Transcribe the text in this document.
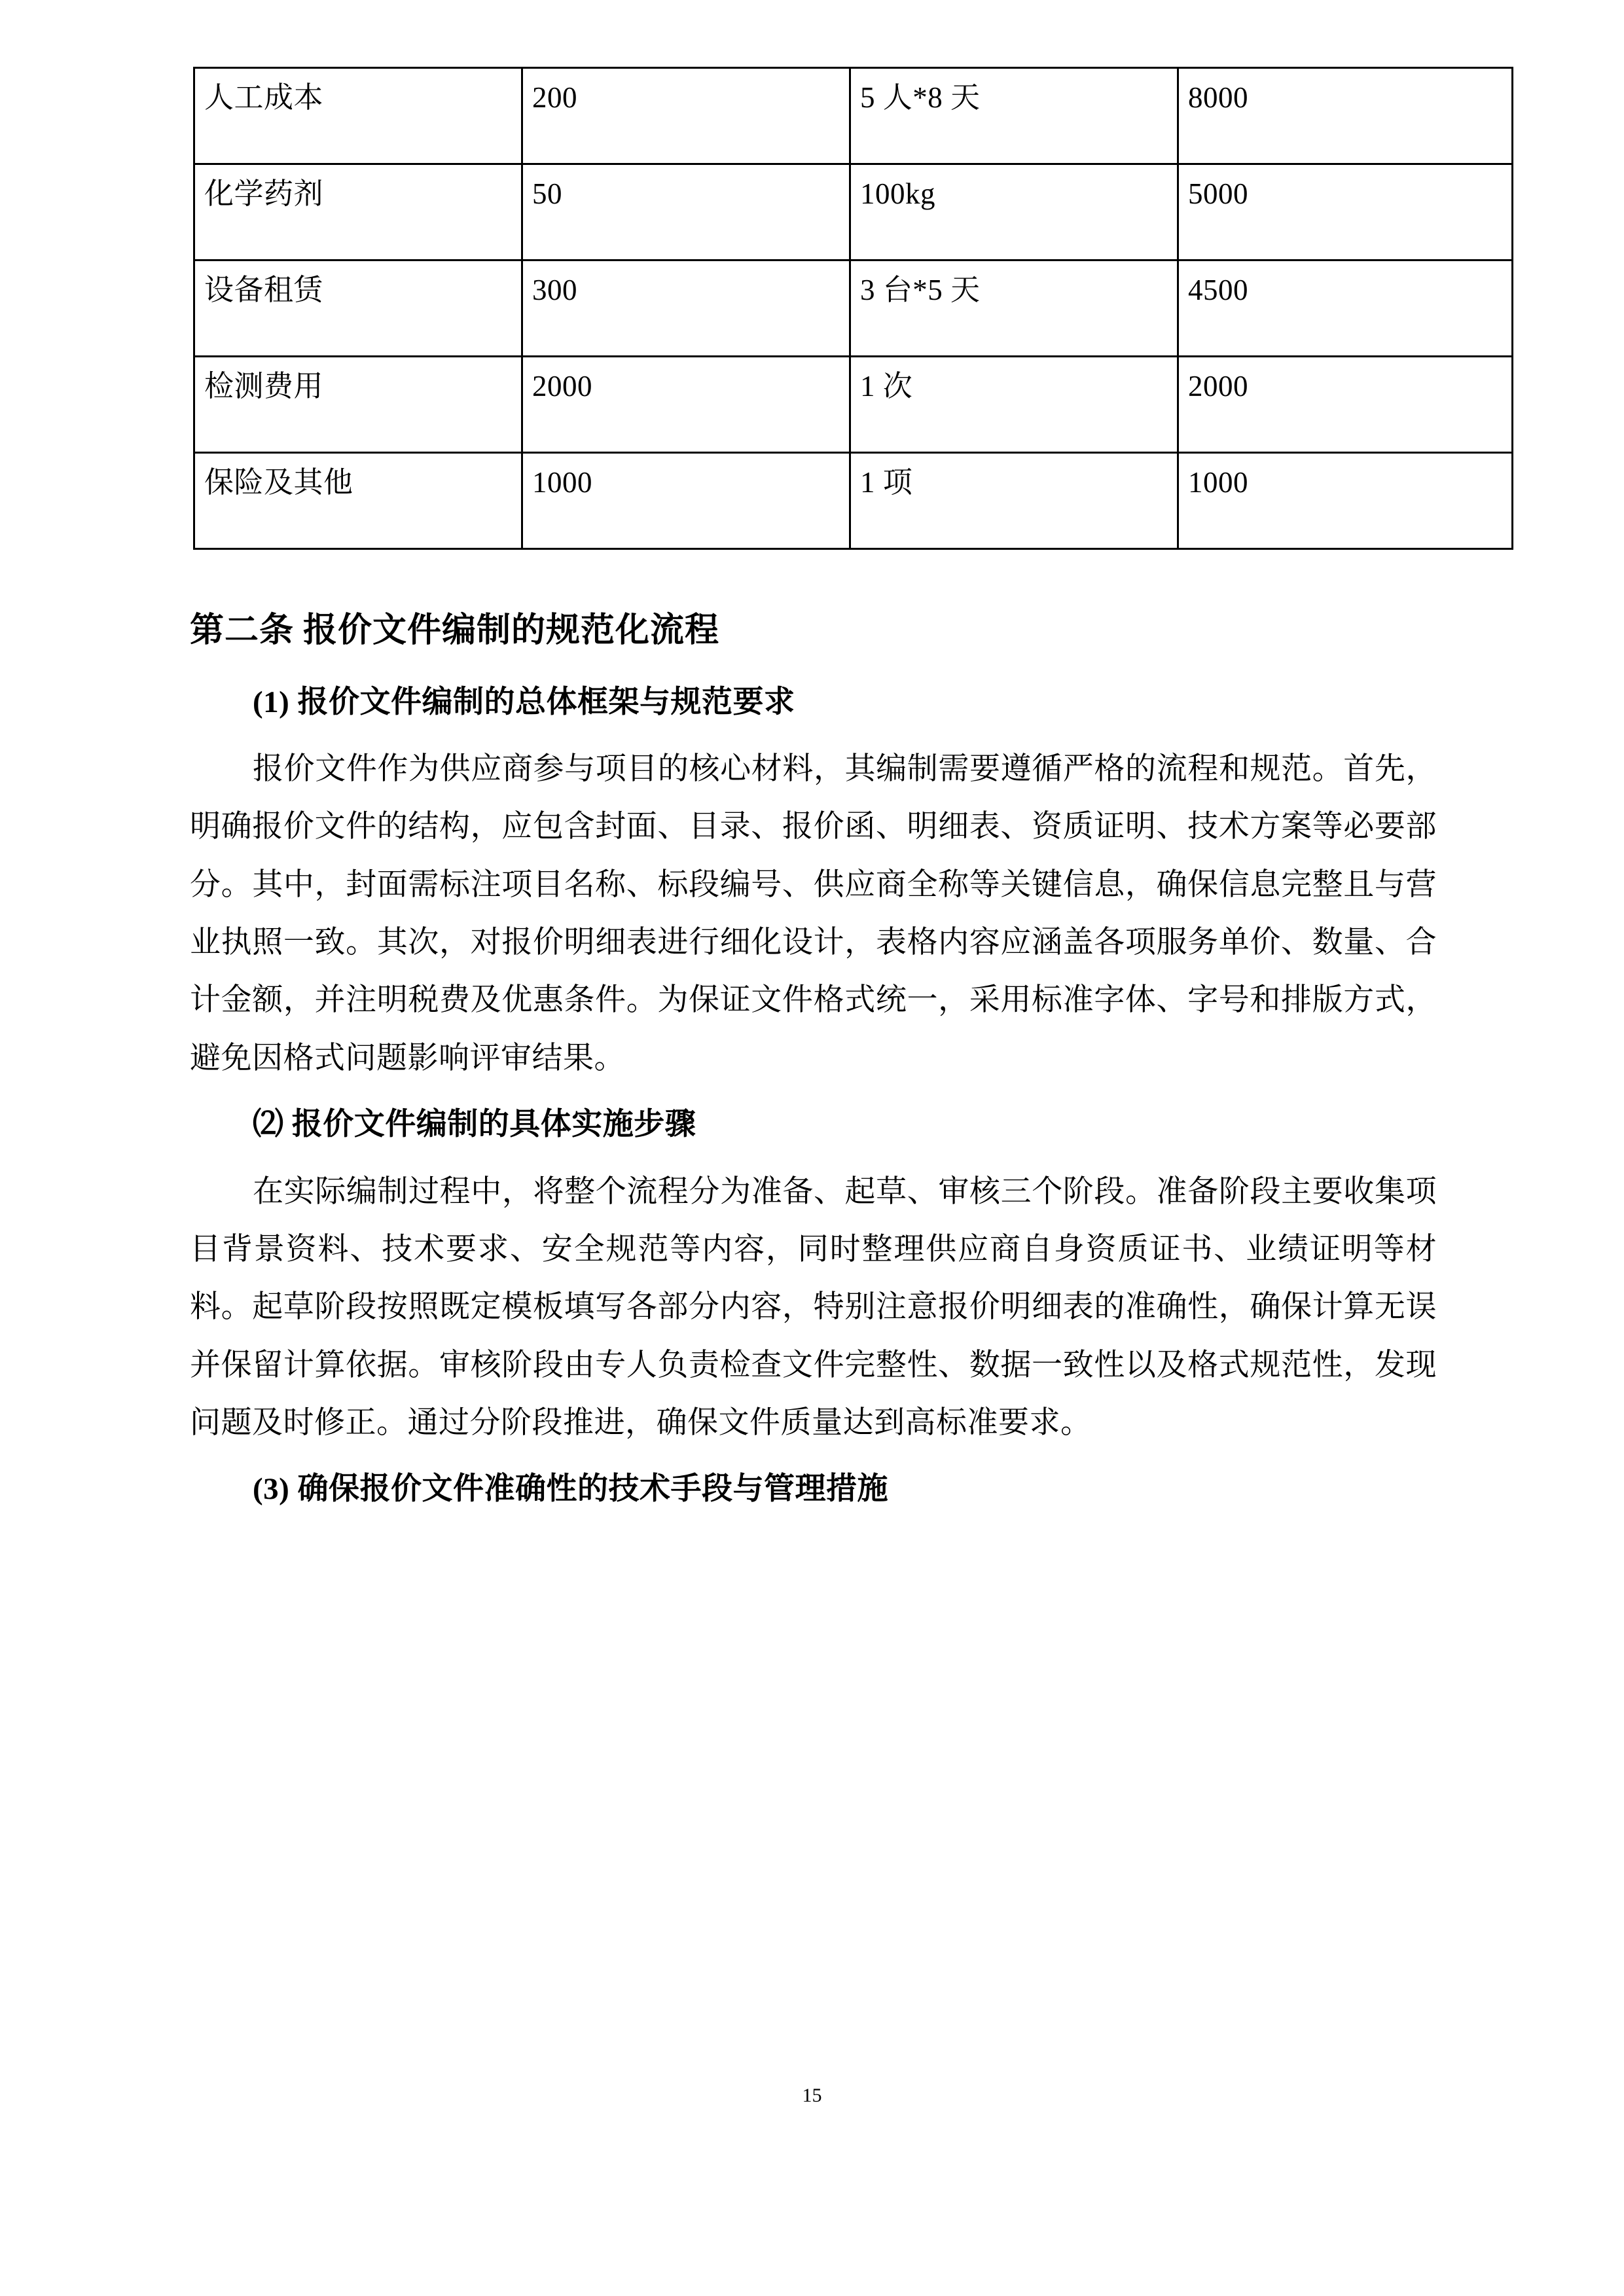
人工成本	200	5 人*8 天	8000
化学药剂	50	100kg	5000
设备租赁	300	3 台*5 天	4500
检测费用	2000	1 次	2000
保险及其他	1000	1 项	1000
第二条 报价文件编制的规范化流程
(1) 报价文件编制的总体框架与规范要求

报价文件作为供应商参与项目的核心材料，其编制需要遵循严格的流程和规范。首先，明确报价文件的结构，应包含封面、目录、报价函、明细表、资质证明、技术方案等必要部分。其中，封面需标注项目名称、标段编号、供应商全称等关键信息，确保信息完整且与营业执照一致。其次，对报价明细表进行细化设计，表格内容应涵盖各项服务单价、数量、合计金额，并注明税费及优惠条件。为保证文件格式统一，采用标准字体、字号和排版方式，避免因格式问题影响评审结果。

⑵ 报价文件编制的具体实施步骤

在实际编制过程中，将整个流程分为准备、起草、审核三个阶段。准备阶段主要收集项目背景资料、技术要求、安全规范等内容，同时整理供应商自身资质证书、业绩证明等材料。起草阶段按照既定模板填写各部分内容，特别注意报价明细表的准确性，确保计算无误并保留计算依据。审核阶段由专人负责检查文件完整性、数据一致性以及格式规范性，发现问题及时修正。通过分阶段推进，确保文件质量达到高标准要求。

(3) 确保报价文件准确性的技术手段与管理措施
15
